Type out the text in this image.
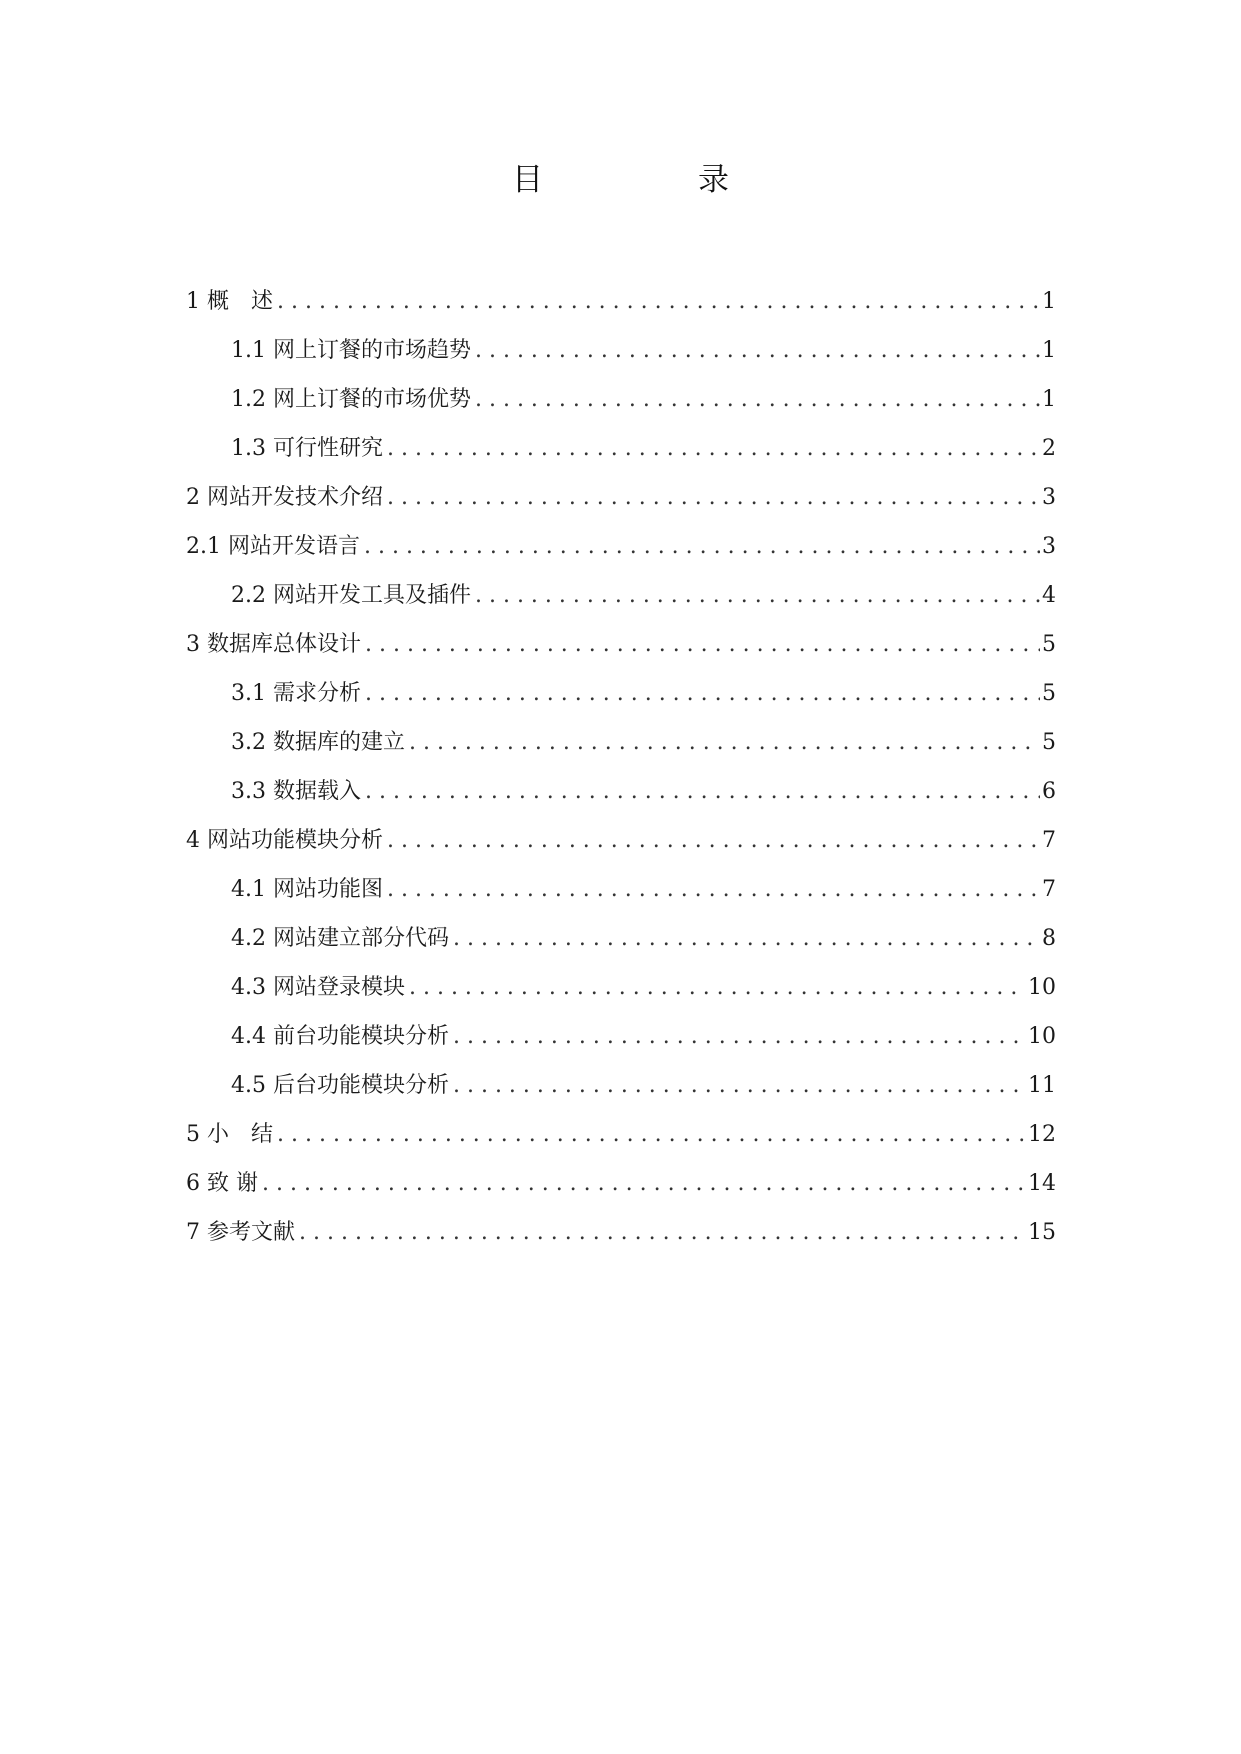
目　录
1 概　述 . . .	1
1.1 网上订餐的市场趋势 . . .	1
1.2 网上订餐的市场优势 . . .	1
1.3 可行性研究 . . .	2
2 网站开发技术介绍 . . .	3
2.1 网站开发语言 . . .	3
2.2 网站开发工具及插件 . . .	4
3 数据库总体设计 . . .	5
3.1 需求分析 . . .	5
3.2 数据库的建立 . . .	5
3.3 数据载入 . . .	6
4 网站功能模块分析 . . .	7
4.1 网站功能图 . . .	7
4.2 网站建立部分代码 . . .	8
4.3 网站登录模块 . . .	10
4.4 前台功能模块分析 . . .	10
4.5 后台功能模块分析 . . .	11
5 小　结 . . .	12
6 致 谢 . . .	14
7 参考文献 . . .	15
